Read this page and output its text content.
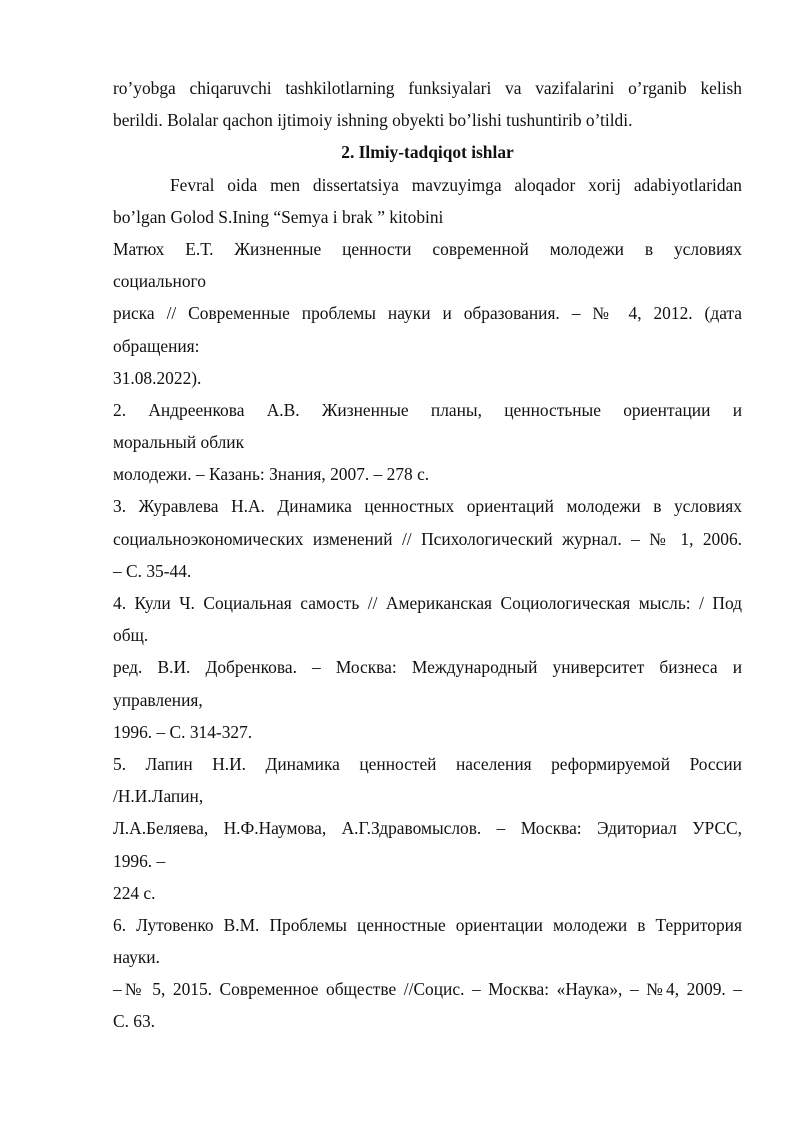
ro’yobga chiqaruvchi tashkilotlarning funksiyalari va vazifalarini o’rganib kelish
berildi. Bolalar qachon ijtimoiy ishning obyekti bo’lishi tushuntirib o’tildi.
2. Ilmiy-tadqiqot ishlar
Fevral oida men dissertatsiya mavzuyimga aloqador xorij adabiyotlaridan
bo’lgan Golod S.Ining “Semya i brak ” kitobini
Матюх Е.Т. Жизненные ценности современной молодежи в условиях
социального
риска // Современные проблемы науки и образования. – № 4, 2012. (дата
обращения:
31.08.2022).
2. Андреенкова А.В. Жизненные планы, ценностьные ориентации и
моральный облик
молодежи. – Казань: Знания, 2007. – 278 с.
3. Журавлева Н.А. Динамика ценностных ориентаций молодежи в условиях
социальноэкономических изменений // Психологический журнал. – № 1, 2006.
– С. 35-44.
4. Кули Ч. Социальная самость // Американская Социологическая мысль: / Под
общ.
ред. В.И. Добренкова. – Москва: Международный университет бизнеса и
управления,
1996. – С. 314-327.
5. Лапин Н.И. Динамика ценностей населения реформируемой России
/Н.И.Лапин,
Л.А.Беляева, Н.Ф.Наумова, А.Г.Здравомыслов. – Москва: Эдиториал УРСС,
1996. –
224 с.
6. Лутовенко В.М. Проблемы ценностные ориентации молодежи в Территория
науки.
–№ 5, 2015. Современное обществе //Социс. – Москва: «Наука», – №4, 2009. –
С. 63.
